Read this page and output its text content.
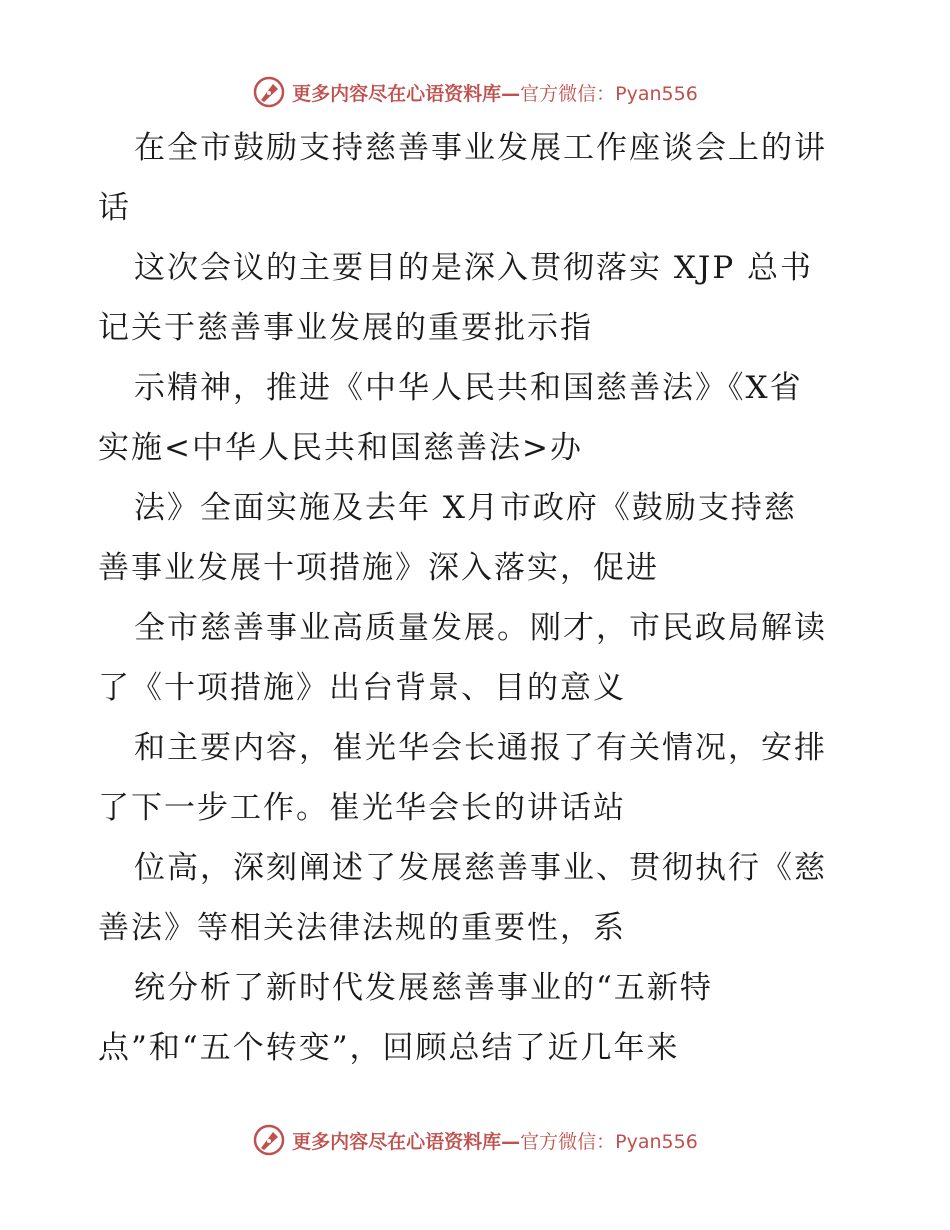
更多内容尽在心语资料库—官方微信：Pyan556
在全市鼓励支持慈善事业发展工作座谈会上的讲
话
这次会议的主要目的是深入贯彻落实 XJP 总书
记关于慈善事业发展的重要批示指
示精神，推进《中华人民共和国慈善法》《X省
实施<中华人民共和国慈善法>办
法》全面实施及去年 X月市政府《鼓励支持慈
善事业发展十项措施》深入落实，促进
全市慈善事业高质量发展。刚才，市民政局解读
了《十项措施》出台背景、目的意义
和主要内容，崔光华会长通报了有关情况，安排
了下一步工作。崔光华会长的讲话站
位高，深刻阐述了发展慈善事业、贯彻执行《慈
善法》等相关法律法规的重要性，系
统分析了新时代发展慈善事业的“五新特
点”和“五个转变”，回顾总结了近几年来
更多内容尽在心语资料库—官方微信：Pyan556
